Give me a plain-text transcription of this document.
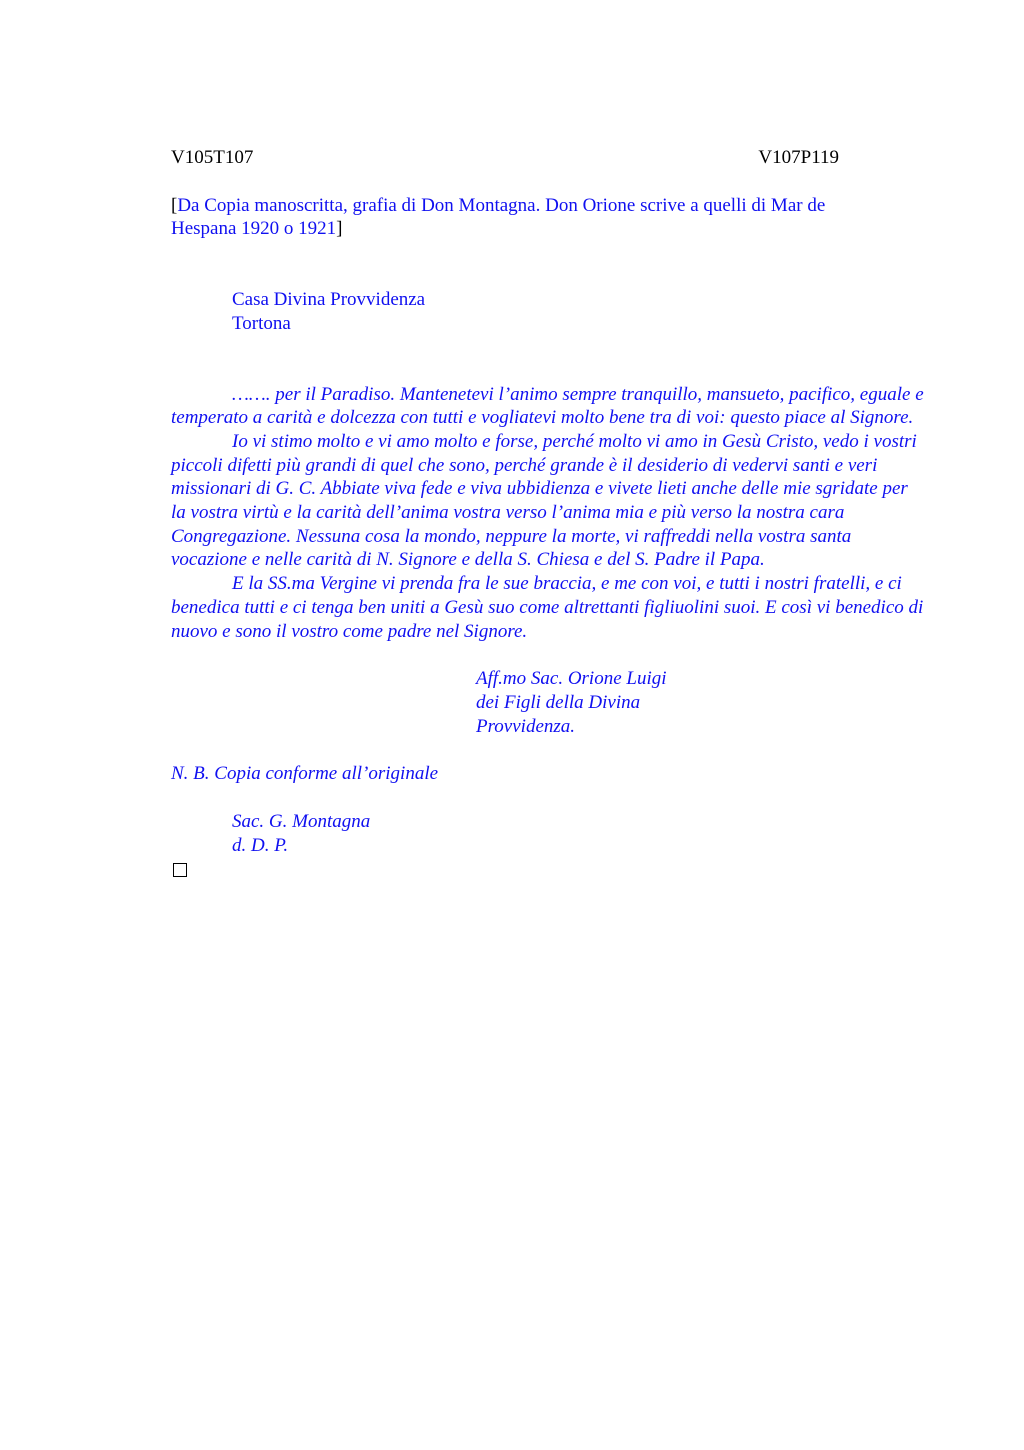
V105T107	V107P119
[Da Copia manoscritta, grafia di Don Montagna. Don Orione scrive a quelli di Mar de Hespana 1920 o 1921]
Casa Divina Provvidenza
Tortona

……. per il Paradiso. Mantenetevi l’animo sempre tranquillo, mansueto, pacifico, eguale e temperato a carità e dolcezza con tutti e vogliatevi molto bene tra di voi: questo piace al Signore.

Io vi stimo molto e vi amo molto e forse, perché molto vi amo in Gesù Cristo, vedo i vostri piccoli difetti più grandi di quel che sono, perché grande è il desiderio di vedervi santi e veri missionari di G. C. Abbiate viva fede e viva ubbidienza e vivete lieti anche delle mie sgridate per la vostra virtù e la carità dell’anima vostra verso l’anima mia e più verso la nostra cara Congregazione. Nessuna cosa la mondo, neppure la morte, vi raffreddi nella vostra santa vocazione e nelle carità di N. Signore e della S. Chiesa e del S. Padre il Papa.

E la SS.ma Vergine vi prenda fra le sue braccia, e me con voi, e tutti i nostri fratelli, e ci benedica tutti e ci tenga ben uniti a Gesù suo come altrettanti figliuolini suoi. E così vi benedico di nuovo e sono il vostro come padre nel Signore.

Aff.mo Sac. Orione Luigi
dei Figli della Divina
Provvidenza.
N. B. Copia conforme all’originale
Sac. G. Montagna
d. D. P.
